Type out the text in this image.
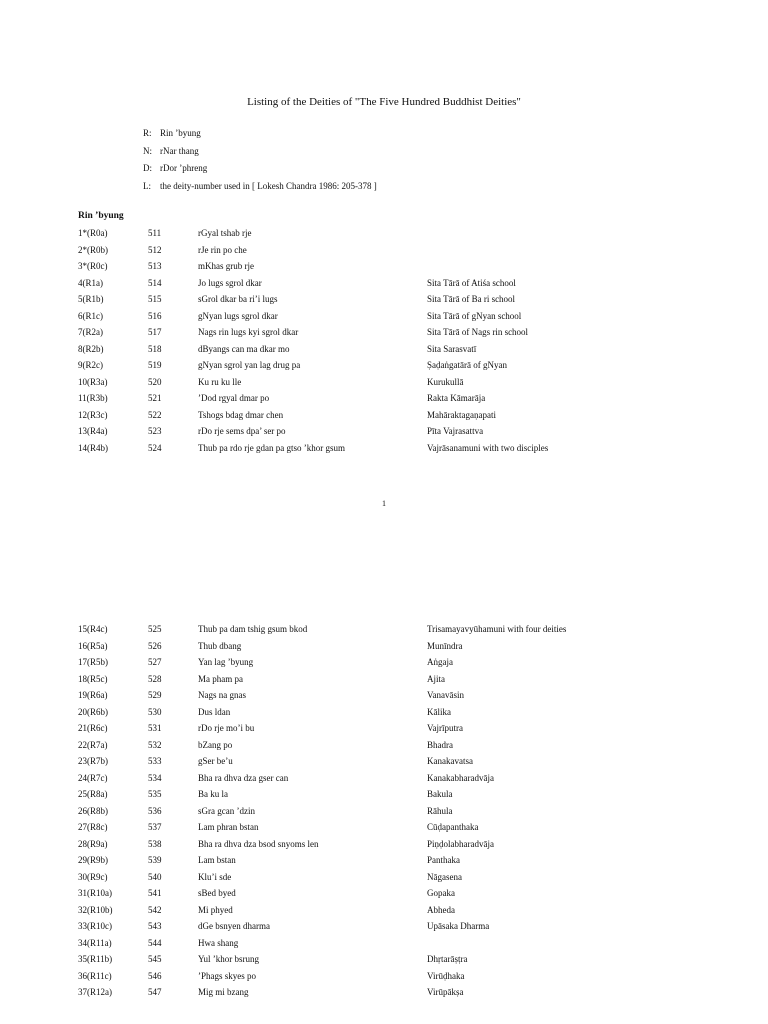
Listing of the Deities of "The Five Hundred Buddhist Deities"
R: Rin ’byung
N: rNar thang
D: rDor ’phreng
L:	the deity-number used in [ Lokesh Chandra 1986: 205-378 ]
Rin ’byung
1*(R0a)	511	rGyal tshab rje
2*(R0b)	512	rJe rin po che
3*(R0c)	513	mKhas grub rje
4(R1a)	514	Jo lugs sgrol dkar	Sita Tārā of Atiśa school
5(R1b)	515	sGrol dkar ba ri’i lugs	Sita Tārā of Ba ri school
6(R1c)	516	gNyan lugs sgrol dkar	Sita Tārā of gNyan school
7(R2a)	517	Nags rin lugs kyi sgrol dkar	Sita Tārā of Nags rin school
8(R2b)	518	dByangs can ma dkar mo	Sita Sarasvatī
9(R2c)	519	gNyan sgrol yan lag drug pa	Ṣaḍaṅgatārā of gNyan
10(R3a)	520	Ku ru ku lle	Kurukullā
11(R3b)	521	’Dod rgyal dmar po	Rakta Kāmarāja
12(R3c)	522	Tshogs bdag dmar chen	Mahāraktagaṇapati
13(R4a)	523	rDo rje sems dpa’ ser po	Pīta Vajrasattva
14(R4b)	524	Thub pa rdo rje gdan pa gtso ’khor gsum	Vajrāsanamuni with two disciples
1
15(R4c)	525	Thub pa dam tshig gsum bkod	Trisamayavyūhamuni with four deities
16(R5a)	526	Thub dbang	Munīndra
17(R5b)	527	Yan lag ’byung	Aṅgaja
18(R5c)	528	Ma pham pa	Ajita
19(R6a)	529	Nags na gnas	Vanavāsin
20(R6b)	530	Dus ldan	Kālika
21(R6c)	531	rDo rje mo’i bu	Vajrīputra
22(R7a)	532	bZang po	Bhadra
23(R7b)	533	gSer be’u	Kanakavatsa
24(R7c)	534	Bha ra dhva dza gser can	Kanakabharadvāja
25(R8a)	535	Ba ku la	Bakula
26(R8b)	536	sGra gcan ’dzin	Rāhula
27(R8c)	537	Lam phran bstan	Cūḍapanthaka
28(R9a)	538	Bha ra dhva dza bsod snyoms len	Piṇḍolabharadvāja
29(R9b)	539	Lam bstan	Panthaka
30(R9c)	540	Klu’i sde	Nāgasena
31(R10a)	541	sBed byed	Gopaka
32(R10b)	542	Mi phyed	Abheda
33(R10c)	543	dGe bsnyen dharma	Upāsaka Dharma
34(R11a)	544	Hwa shang
35(R11b)	545	Yul ’khor bsrung	Dhṛtarāṣṭra
36(R11c)	546	’Phags skyes po	Virūḍhaka
37(R12a)	547	Mig mi bzang	Virūpākṣa
